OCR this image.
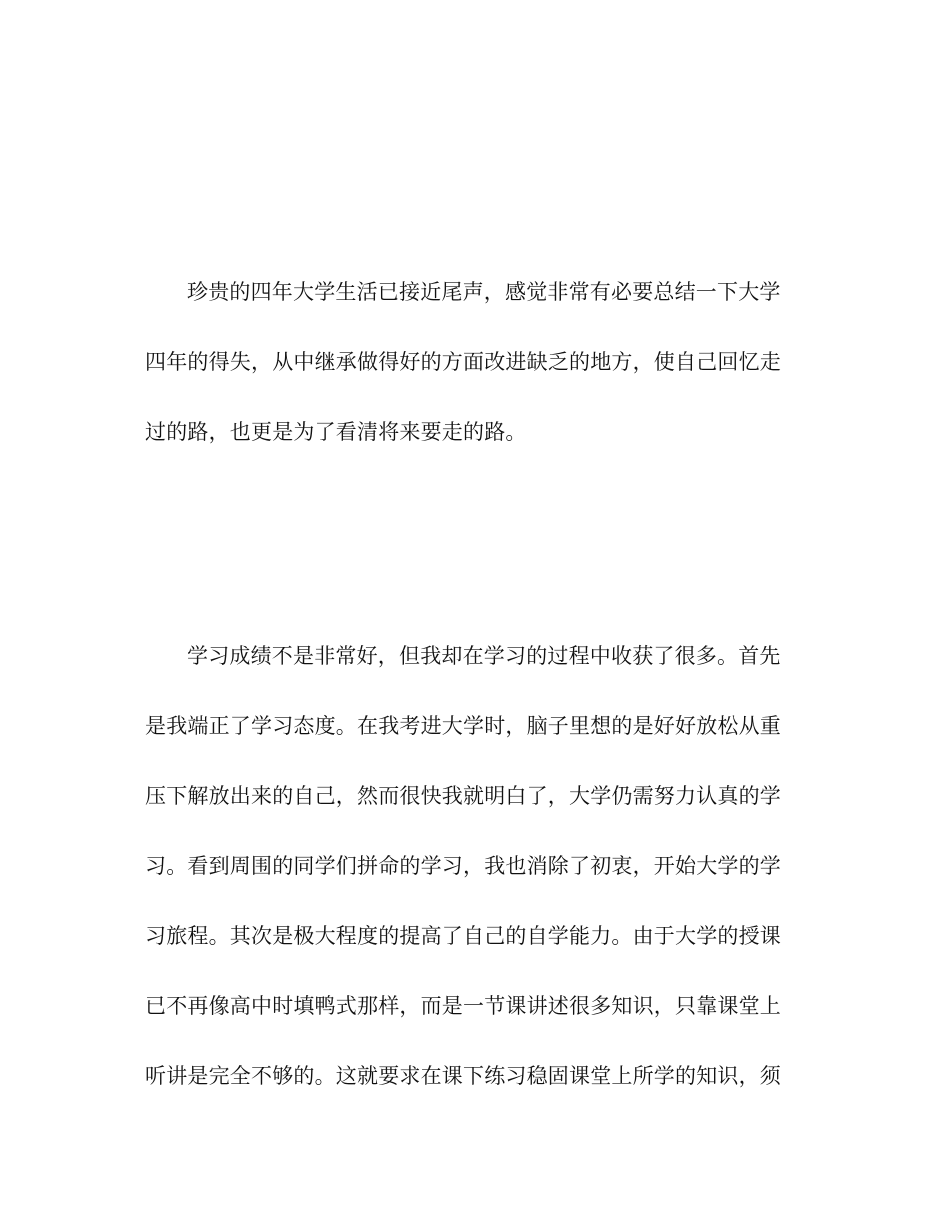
珍贵的四年大学生活已接近尾声，感觉非常有必要总结一下大学
四年的得失，从中继承做得好的方面改进缺乏的地方，使自己回忆走
过的路，也更是为了看清将来要走的路。
学习成绩不是非常好，但我却在学习的过程中收获了很多。首先
是我端正了学习态度。在我考进大学时，脑子里想的是好好放松从重
压下解放出来的自己，然而很快我就明白了，大学仍需努力认真的学
习。看到周围的同学们拼命的学习，我也消除了初衷，开始大学的学
习旅程。其次是极大程度的提高了自己的自学能力。由于大学的授课
已不再像高中时填鸭式那样，而是一节课讲述很多知识，只靠课堂上
听讲是完全不够的。这就要求在课下练习稳固课堂上所学的知识，须
